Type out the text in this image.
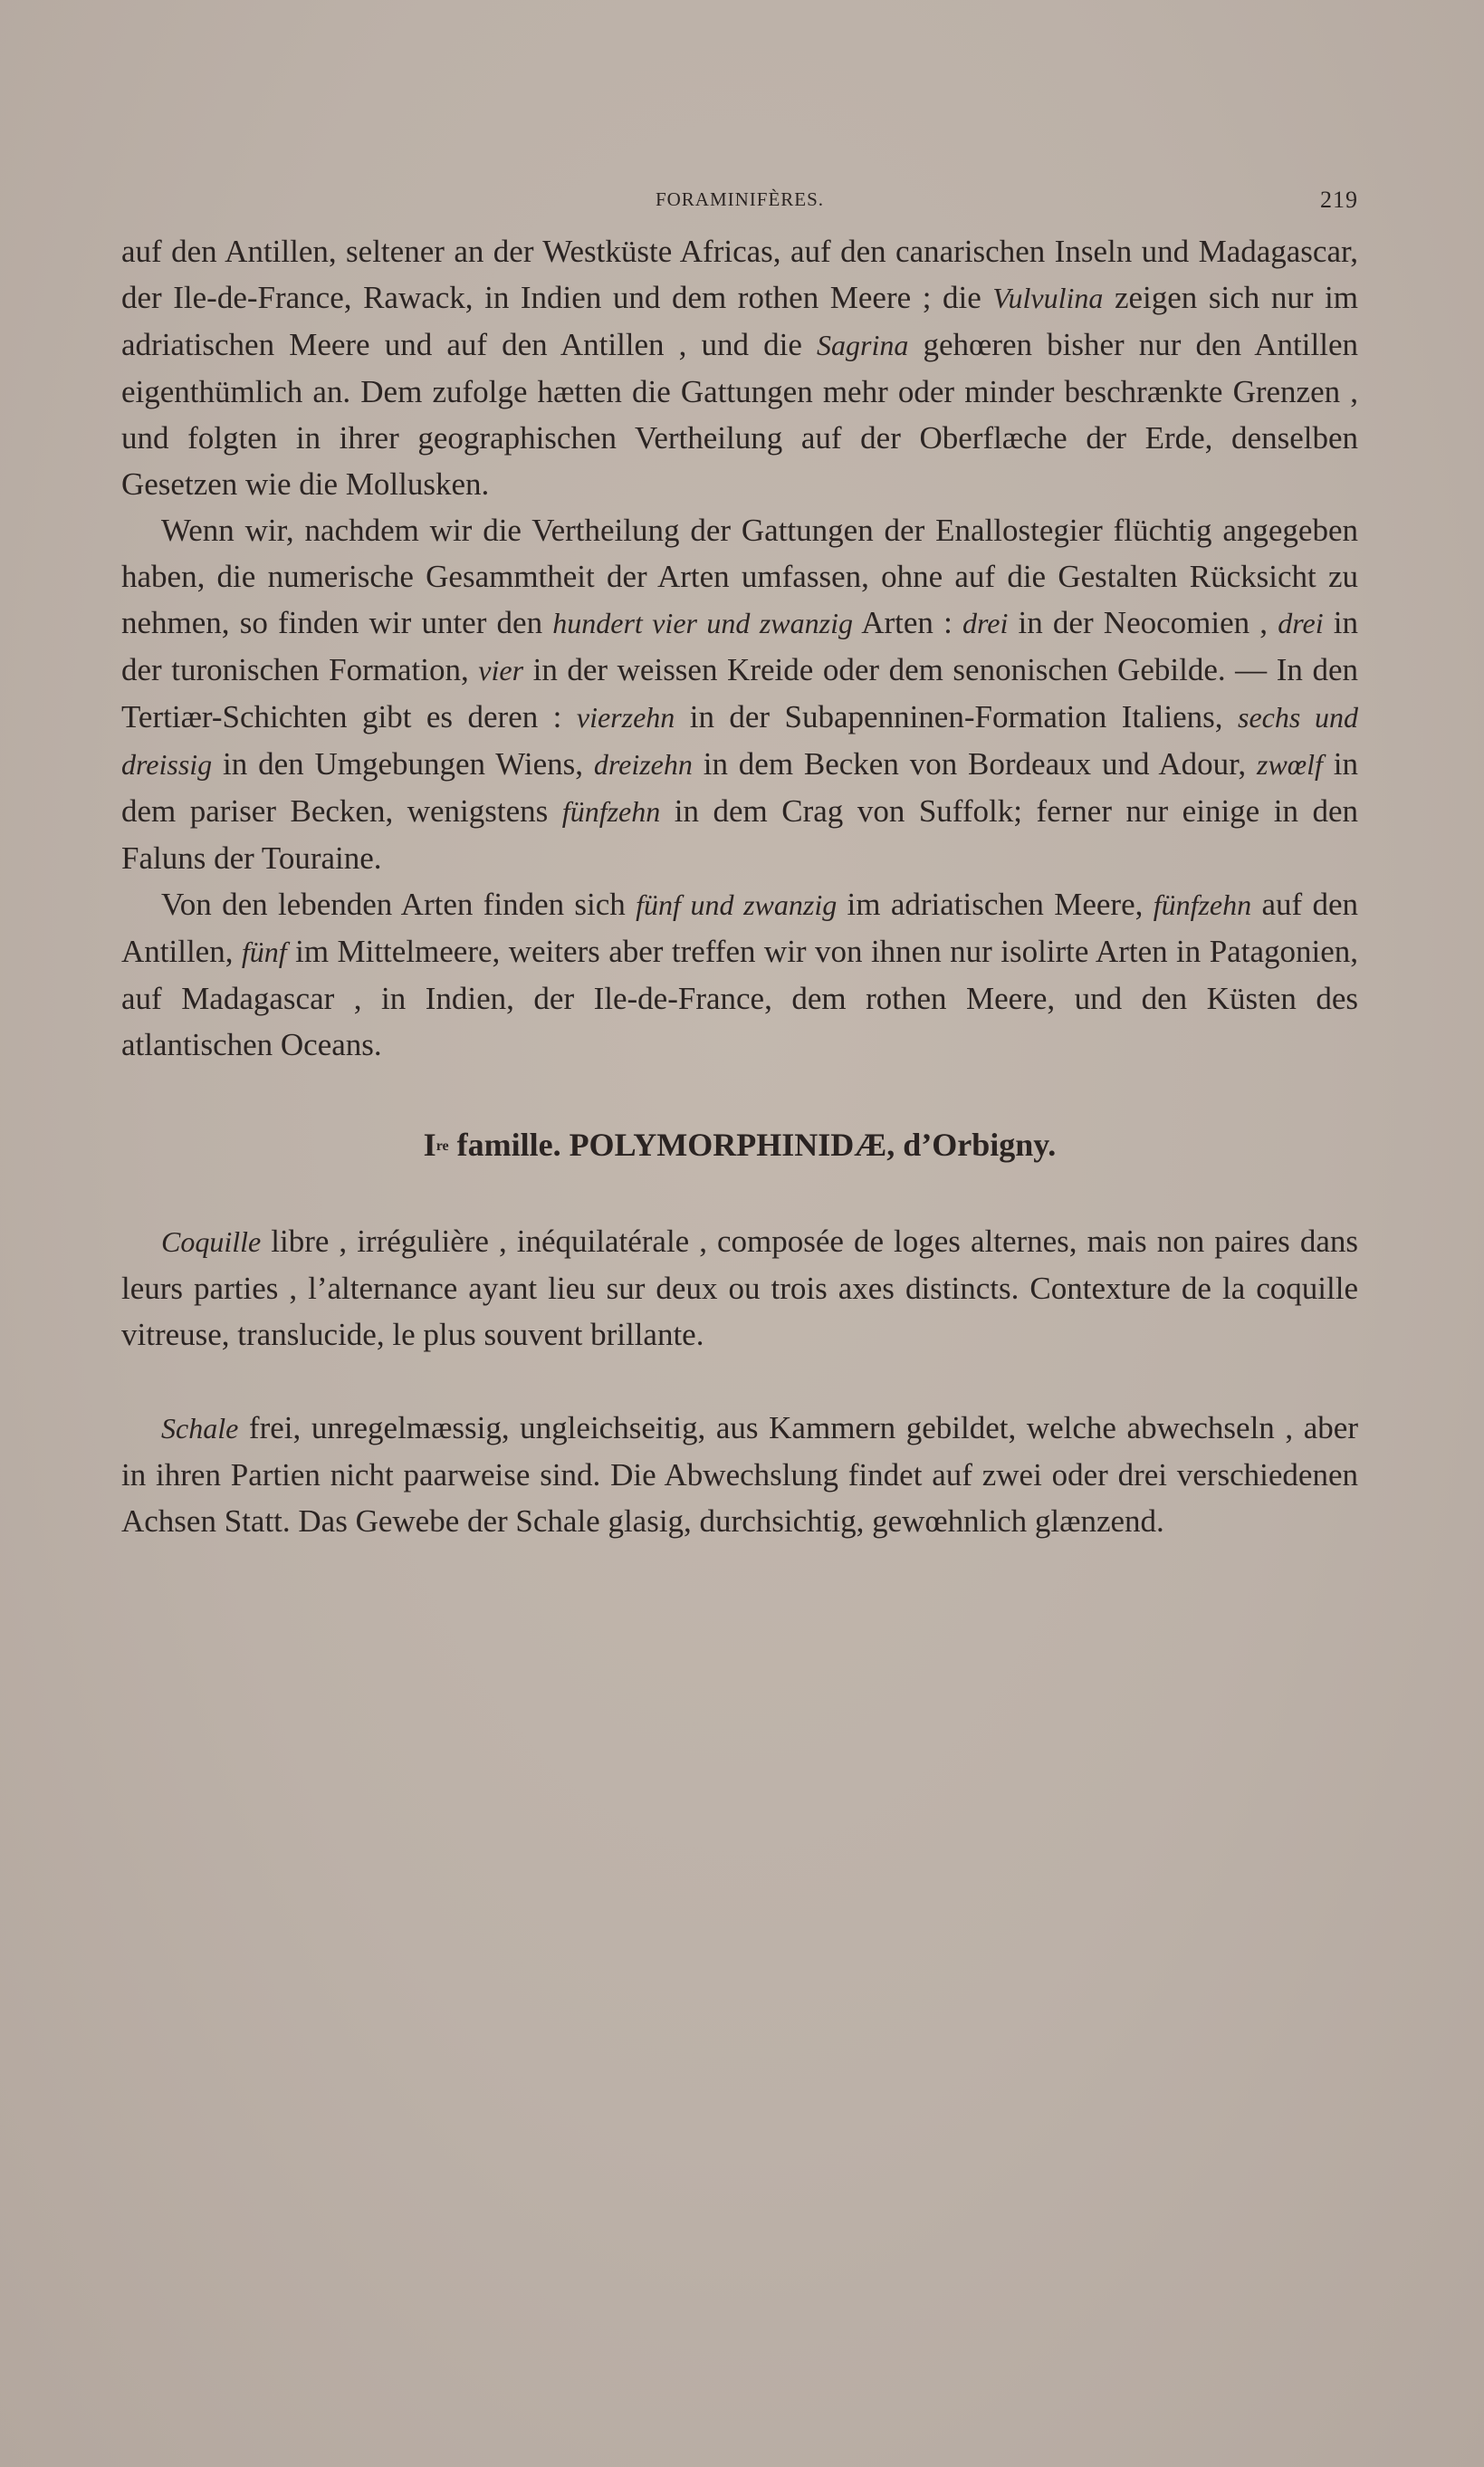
FORAMINIFÈRES.	219

auf den Antillen, seltener an der Westküste Africas, auf den canarischen Inseln und Madagascar, der Ile-de-France, Rawack, in Indien und dem rothen Meere ; die Vulvulina zeigen sich nur im adriatischen Meere und auf den Antillen , und die Sagrina gehœren bisher nur den Antillen eigenthümlich an. Dem zufolge hætten die Gattungen mehr oder minder beschrænkte Grenzen , und folgten in ihrer geographischen Vertheilung auf der Oberflæche der Erde, denselben Gesetzen wie die Mollusken.

Wenn wir, nachdem wir die Vertheilung der Gattungen der Enallostegier flüchtig angegeben haben, die numerische Gesammtheit der Arten umfassen, ohne auf die Gestalten Rücksicht zu nehmen, so finden wir unter den hundert vier und zwanzig Arten : drei in der Neocomien , drei in der turonischen Formation, vier in der weissen Kreide oder dem senonischen Gebilde. — In den Tertiær-Schichten gibt es deren : vierzehn in der Subapenninen-Formation Italiens, sechs und dreissig in den Umgebungen Wiens, dreizehn in dem Becken von Bordeaux und Adour, zwœlf in dem pariser Becken, wenigstens fünfzehn in dem Crag von Suffolk; ferner nur einige in den Faluns der Touraine.

Von den lebenden Arten finden sich fünf und zwanzig im adriatischen Meere, fünfzehn auf den Antillen, fünf im Mittelmeere, weiters aber treffen wir von ihnen nur isolirte Arten in Patagonien, auf Madagascar , in Indien, der Ile-de-France, dem rothen Meere, und den Küsten des atlantischen Oceans.

Ire famille. POLYMORPHINIDÆ, d’Orbigny.

Coquille libre , irrégulière , inéquilatérale , composée de loges alternes, mais non paires dans leurs parties , l’alternance ayant lieu sur deux ou trois axes distincts. Contexture de la coquille vitreuse, translucide, le plus souvent brillante.

Schale frei, unregelmæssig, ungleichseitig, aus Kammern gebildet, welche abwechseln , aber in ihren Partien nicht paarweise sind. Die Abwechslung findet auf zwei oder drei verschiedenen Achsen Statt. Das Gewebe der Schale glasig, durchsichtig, gewœhnlich glænzend.
